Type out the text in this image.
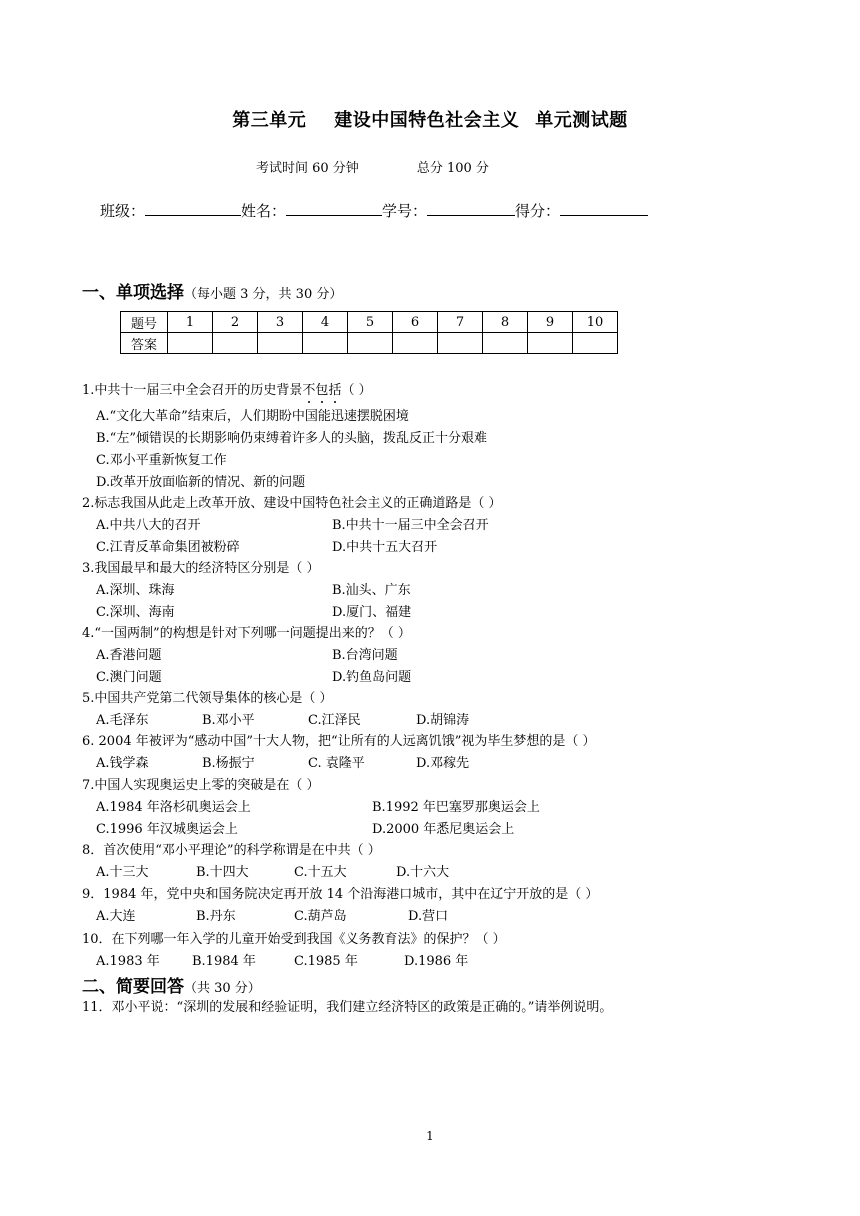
第三单元 建设中国特色社会主义 单元测试题
考试时间 60 分钟	总分 100 分
班级：	姓名：	学号：	得分：
一、单项选择（每小题 3 分，共 30 分）
题号	1	2	3	4	5	6	7	8	9	10
答案										
1.中共十一届三中全会召开的历史背景不包括（ ）
A.“文化大革命”结束后，人们期盼中国能迅速摆脱困境
B.“左”倾错误的长期影响仍束缚着许多人的头脑，拨乱反正十分艰难
C.邓小平重新恢复工作
D.改革开放面临新的情况、新的问题
2.标志我国从此走上改革开放、建设中国特色社会主义的正确道路是（ ）
A.中共八大的召开	B.中共十一届三中全会召开
C.江青反革命集团被粉碎	D.中共十五大召开
3.我国最早和最大的经济特区分别是（ ）
A.深圳、珠海	B.汕头、广东
C.深圳、海南	D.厦门、福建
4.“一国两制”的构想是针对下列哪一问题提出来的？（ ）
A.香港问题	B.台湾问题
C.澳门问题	D.钓鱼岛问题
5.中国共产党第二代领导集体的核心是（ ）
A.毛泽东	B.邓小平	C.江泽民	D.胡锦涛
6. 2004 年被评为“感动中国”十大人物，把“让所有的人远离饥饿”视为毕生梦想的是（ ）
A.钱学森	B.杨振宁	C. 袁隆平	D.邓稼先
7.中国人实现奥运史上零的突破是在（ ）
A.1984 年洛杉矶奥运会上	B.1992 年巴塞罗那奥运会上
C.1996 年汉城奥运会上	D.2000 年悉尼奥运会上
8．首次使用“邓小平理论”的科学称谓是在中共（ ）
A.十三大	B.十四大	C.十五大	D.十六大
9．1984 年，党中央和国务院决定再开放 14 个沿海港口城市，其中在辽宁开放的是（ ）
A.大连	B.丹东	C.葫芦岛	D.营口
10．在下列哪一年入学的儿童开始受到我国《义务教育法》的保护？（ ）
A.1983 年 B.1984 年	C.1985 年	D.1986 年
二、简要回答（共 30 分）
11．邓小平说：“深圳的发展和经验证明，我们建立经济特区的政策是正确的。”请举例说明。
1
